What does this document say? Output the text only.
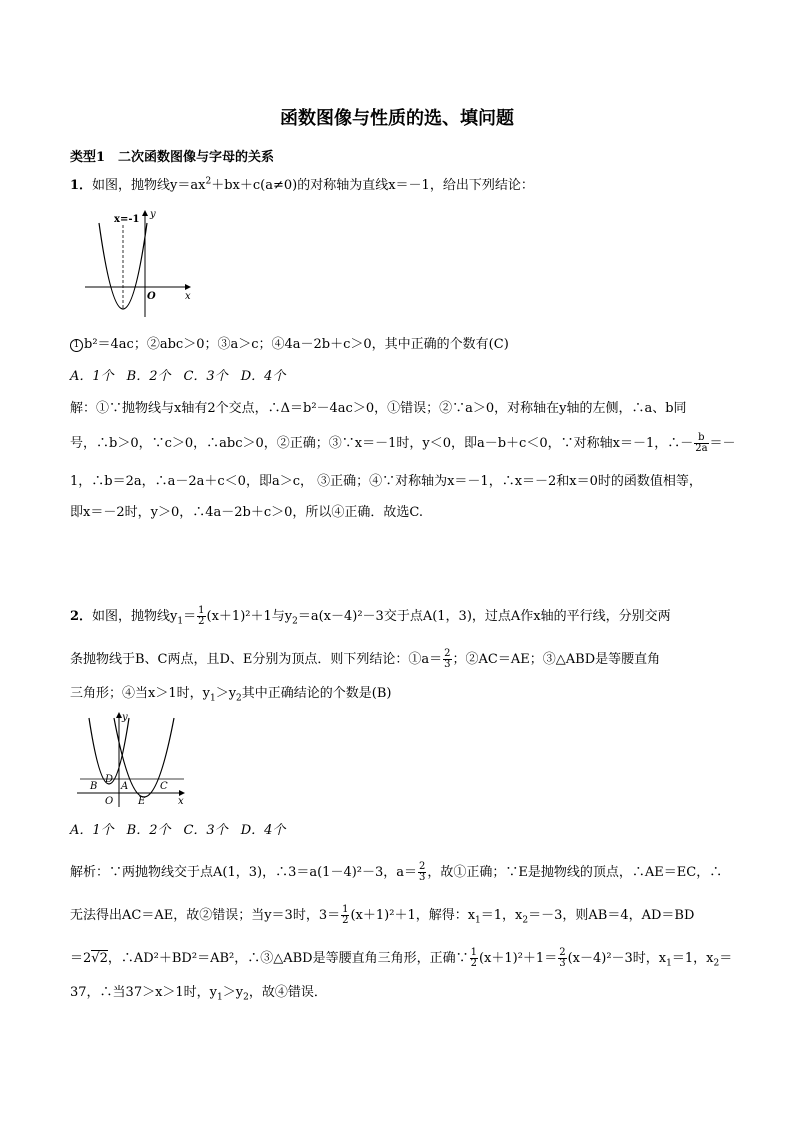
函数图像与性质的选、填问题
类型1　二次函数图像与字母的关系
1．如图，抛物线$y=ax^2+bx+c(a\ne 0)$的对称轴为直线x＝－1，给出下列结论：
x=-1 y
x
O
1 b²＝4ac；②abc＞0；③a＞c；④4a－2b＋c＞0，其中正确的个数有(C)
A．1个　B．2个　C．3个　D．4个
解：①∵抛物线与x轴有2个交点，∴Δ＝b²－4ac＞0，①错误；②∵a＞0，对称轴在y轴的左侧，∴a、b同
号，∴b＞0，∵c＞0，∴abc＞0，②正确；③∵x＝－1时，y＜0，即a－b＋c＜0，∵对称轴x＝－1，∴－ $\frac{b}{2a}$ ＝－
1，∴b＝2a，∴a－2a＋c＜0，即a＞c， ③正确；④∵对称轴为x＝－1，∴x＝－2和x＝0时的函数值相等，
即x＝－2时，y＞0，∴4a－2b＋c＞0，所以④正确．故选C.
2．如图，抛物线$y_1= \frac{1}{2} (x+1)^2+1$与$y_2=a(x-4)^2-3$交于点A(1，3)，过点A作x轴的平行线，分别交两
条抛物线于B、C两点，且D、E分别为顶点．则下列结论：①a＝ $\frac{2}{3}$ ；②AC＝AE；③△ABD是等腰直角
三角形；④当x＞1时，$y_1>y_2$其中正确结论的个数是(B)
y
x
B
D
A	C
O E
A．1个　B．2个　C．3个　D．4个
解析：∵两抛物线交于点A(1，3)，∴3＝a(1－4)²－3，$a= \frac{2}{3}$ ，故①正确；∵E是抛物线的顶点，∴AE＝EC，∴
无法得出AC＝AE，故②错误；当y＝3时，$3= \frac{1}{2} (x+1)^2+1$，解得：$x_1=1$，$x_2=-3$，则AB＝4，AD＝BD
＝2√2，∴AD²＋BD²＝AB²，∴③△ABD是等腰直角三角形，正确∵ $\frac{1}{2} (x+1)^2+1= \frac{2}{3} (x-4)^2-3$时，$x_1=1$，$x_2=$
37，∴当37＞x＞1时，$y_1>y_2$，故④错误．
